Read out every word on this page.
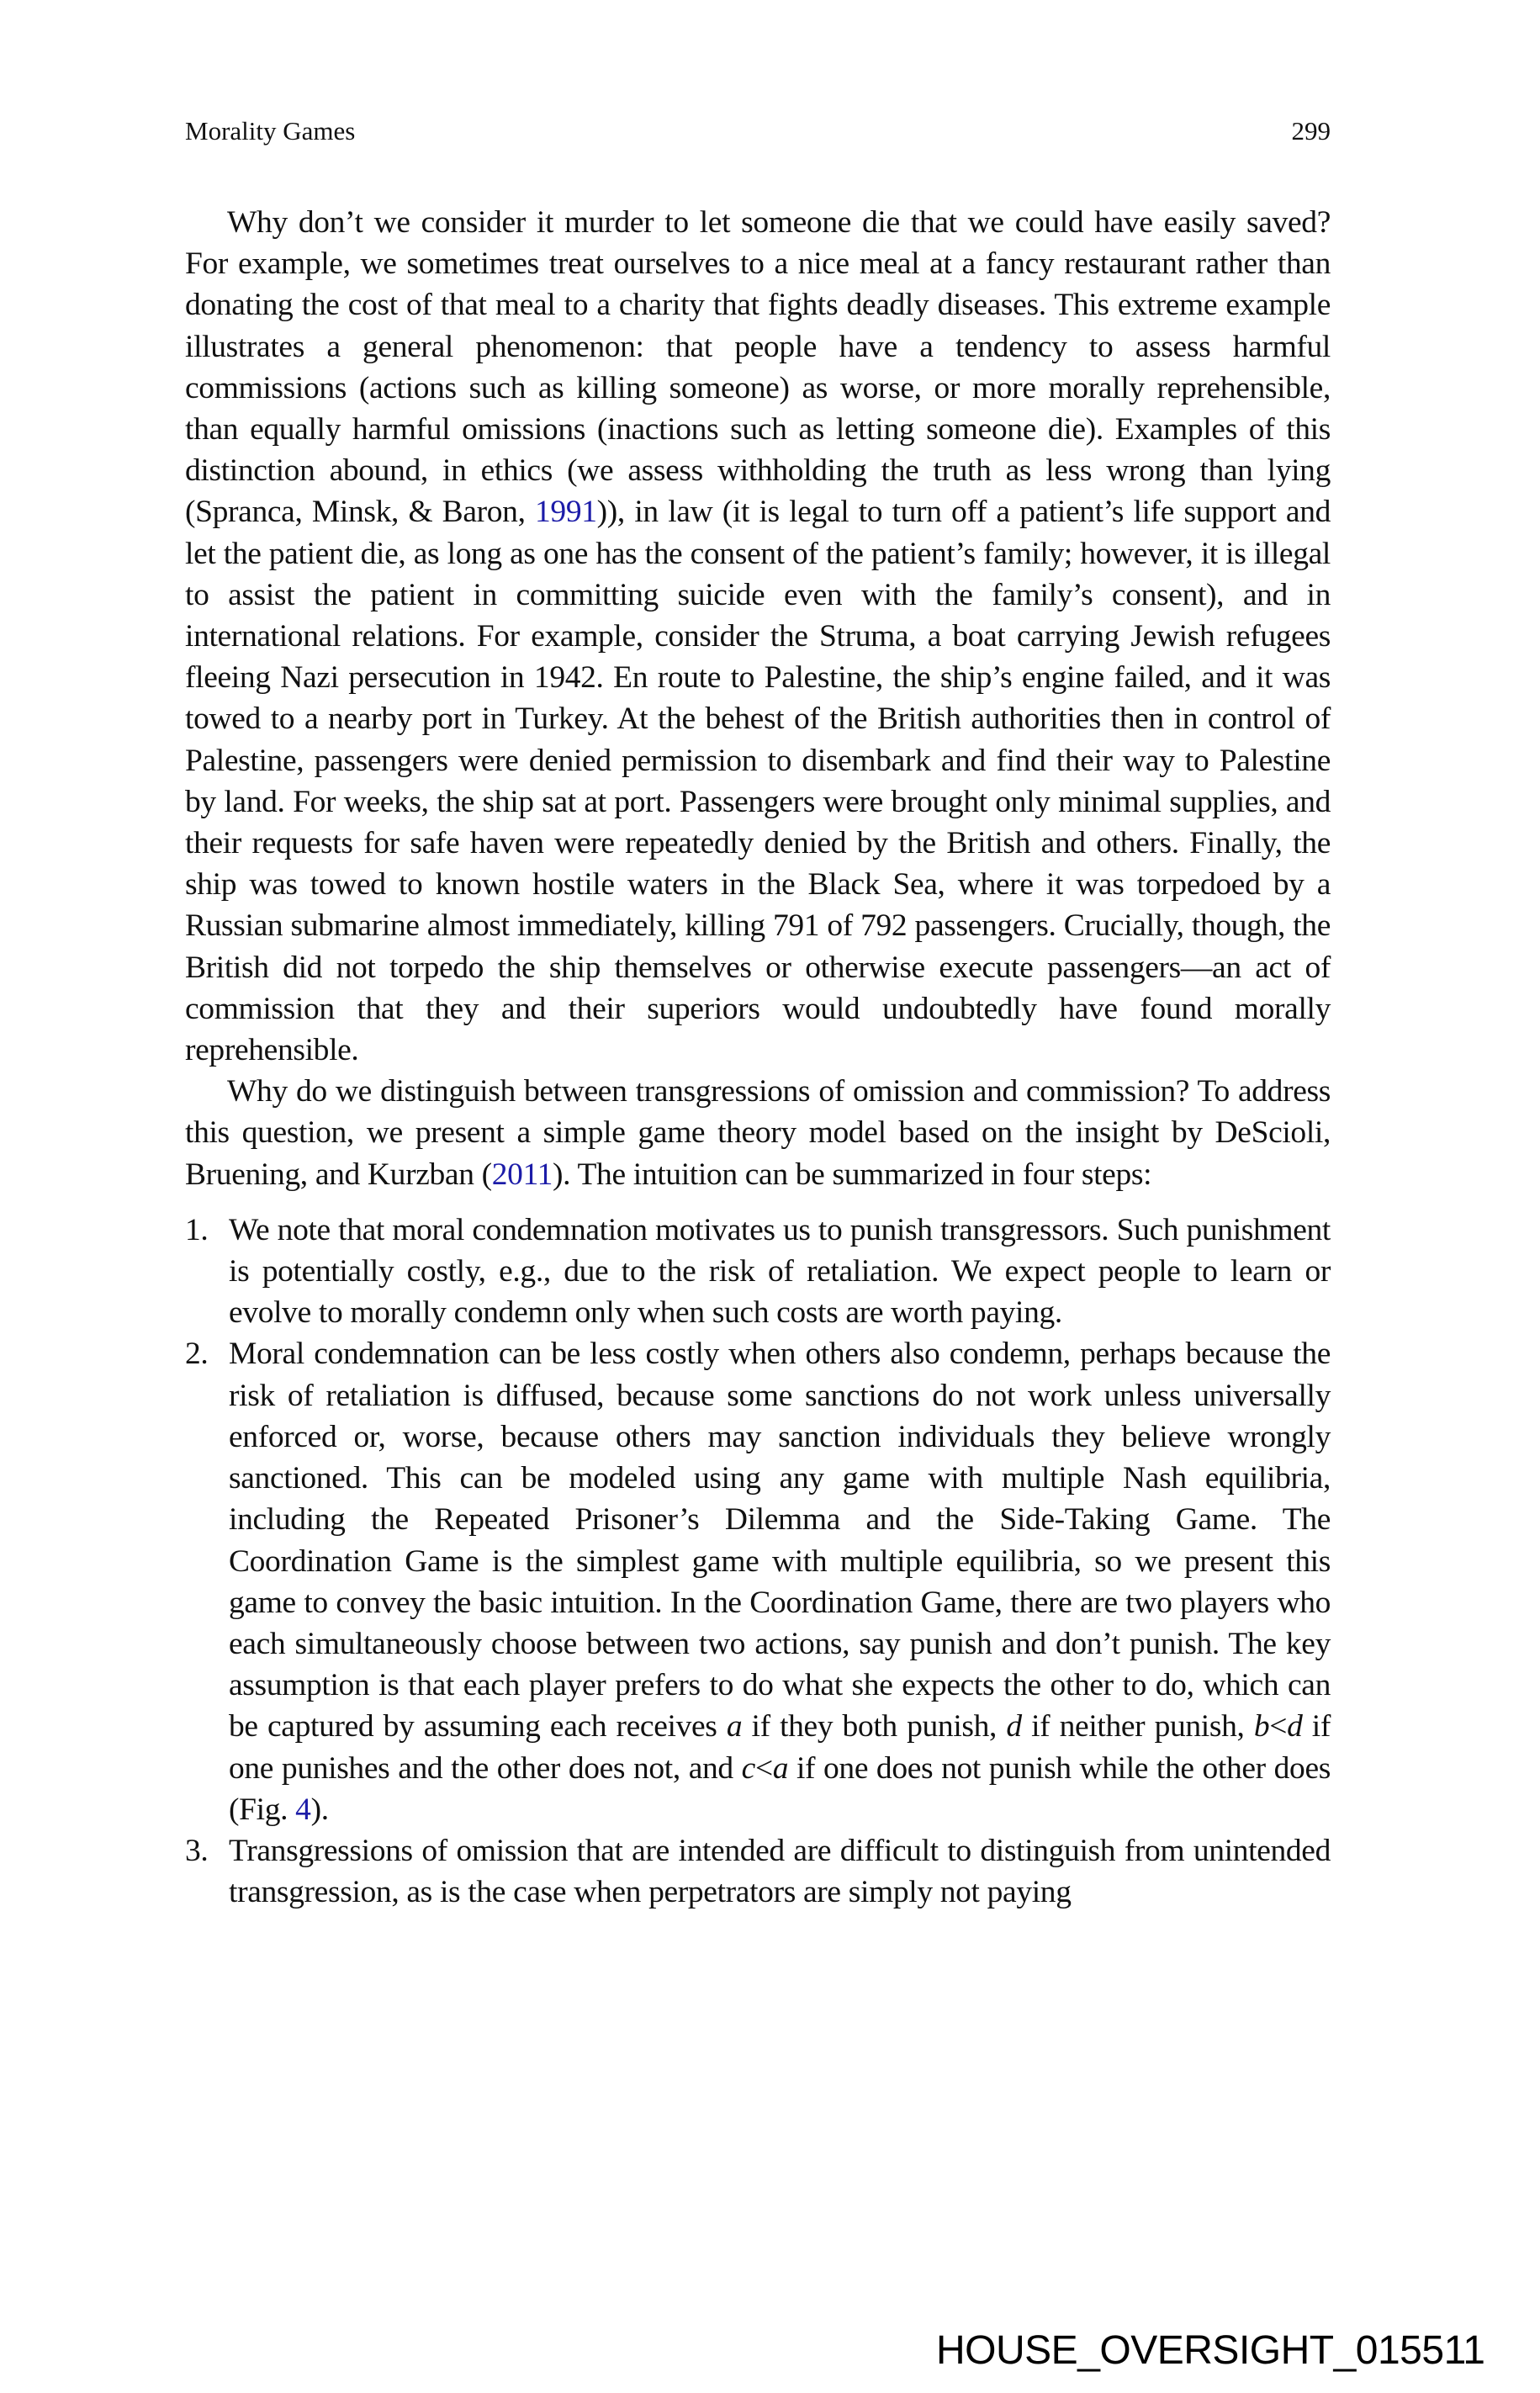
Morality Games	299

Why don’t we consider it murder to let someone die that we could have easily saved? For example, we sometimes treat ourselves to a nice meal at a fancy restaurant rather than donating the cost of that meal to a charity that fights deadly diseases. This extreme example illustrates a general phenomenon: that people have a tendency to assess harmful commissions (actions such as killing someone) as worse, or more morally reprehensible, than equally harmful omissions (inactions such as letting someone die). Examples of this distinction abound, in ethics (we assess withholding the truth as less wrong than lying (Spranca, Minsk, & Baron, 1991)), in law (it is legal to turn off a patient’s life support and let the patient die, as long as one has the consent of the patient’s family; however, it is illegal to assist the patient in committing suicide even with the family’s consent), and in international relations. For example, consider the Struma, a boat carrying Jewish refugees fleeing Nazi persecution in 1942. En route to Palestine, the ship’s engine failed, and it was towed to a nearby port in Turkey. At the behest of the British authorities then in control of Palestine, passengers were denied permission to disembark and find their way to Palestine by land. For weeks, the ship sat at port. Passengers were brought only minimal supplies, and their requests for safe haven were repeatedly denied by the British and others. Finally, the ship was towed to known hostile waters in the Black Sea, where it was torpedoed by a Russian submarine almost immediately, killing 791 of 792 passengers. Crucially, though, the British did not torpedo the ship themselves or otherwise execute passengers—an act of commission that they and their superiors would undoubtedly have found morally reprehensible.

Why do we distinguish between transgressions of omission and commission? To address this question, we present a simple game theory model based on the insight by DeScioli, Bruening, and Kurzban (2011). The intuition can be summarized in four steps:

1. We note that moral condemnation motivates us to punish transgressors. Such punishment is potentially costly, e.g., due to the risk of retaliation. We expect people to learn or evolve to morally condemn only when such costs are worth paying.
2. Moral condemnation can be less costly when others also condemn, perhaps because the risk of retaliation is diffused, because some sanctions do not work unless universally enforced or, worse, because others may sanction individuals they believe wrongly sanctioned. This can be modeled using any game with multiple Nash equilibria, including the Repeated Prisoner’s Dilemma and the Side-Taking Game. The Coordination Game is the simplest game with multiple equilibria, so we present this game to convey the basic intuition. In the Coordination Game, there are two players who each simultaneously choose between two actions, say punish and don’t punish. The key assumption is that each player prefers to do what she expects the other to do, which can be captured by assuming each receives a if they both punish, d if neither punish, b<d if one punishes and the other does not, and c<a if one does not punish while the other does (Fig. 4).
3. Transgressions of omission that are intended are difficult to distinguish from unintended transgression, as is the case when perpetrators are simply not paying
HOUSE_OVERSIGHT_015511
